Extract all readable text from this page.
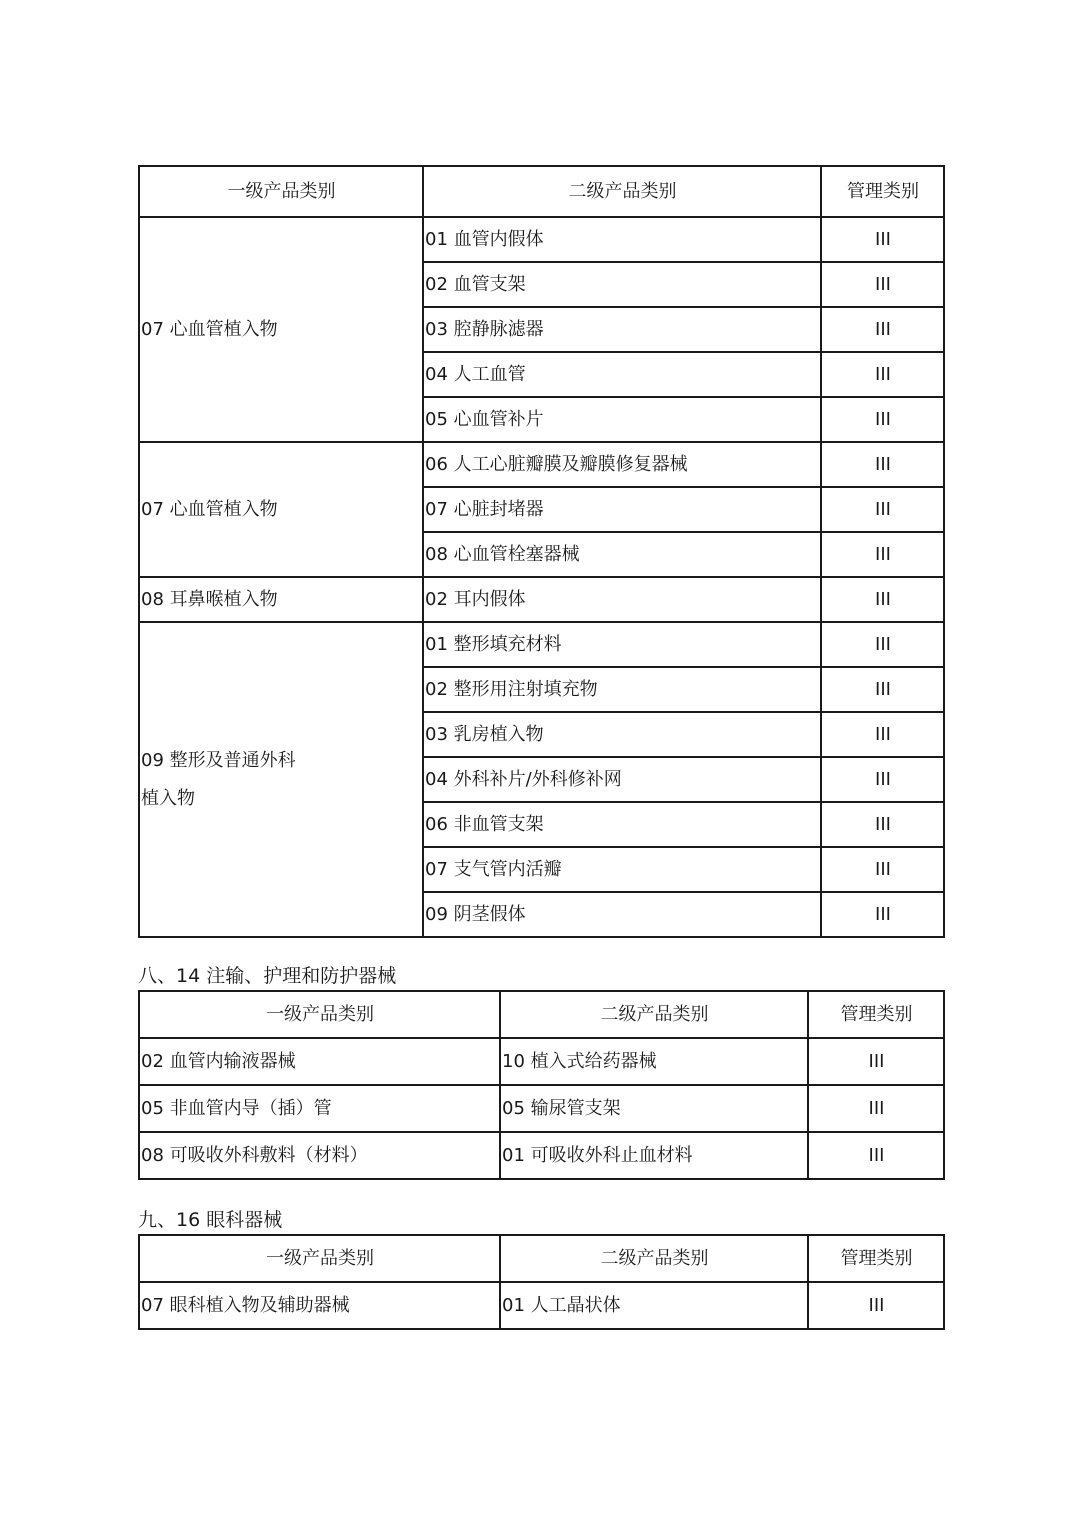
一级产品类别	二级产品类别	管理类别

07 心血管植入物	01 血管内假体	III
	02 血管支架	III
	03 腔静脉滤器	III
	04 人工血管	III
	05 心血管补片	III

07 心血管植入物	06 人工心脏瓣膜及瓣膜修复器械	III
	07 心脏封堵器	III
	08 心血管栓塞器械	III

08 耳鼻喉植入物	02 耳内假体	III

09 整形及普通外科
植入物	01 整形填充材料	III
	02 整形用注射填充物	III
	03 乳房植入物	III
	04 外科补片/外科修补网	III
	06 非血管支架	III
	07 支气管内活瓣	III
	09 阴茎假体	III

八、14 注输、护理和防护器械

一级产品类别	二级产品类别	管理类别
02 血管内输液器械	10 植入式给药器械	III
05 非血管内导（插）管	05 输尿管支架	III
08 可吸收外科敷料（材料）	01 可吸收外科止血材料	III

九、16 眼科器械

一级产品类别	二级产品类别	管理类别
07 眼科植入物及辅助器械	01 人工晶状体	III
